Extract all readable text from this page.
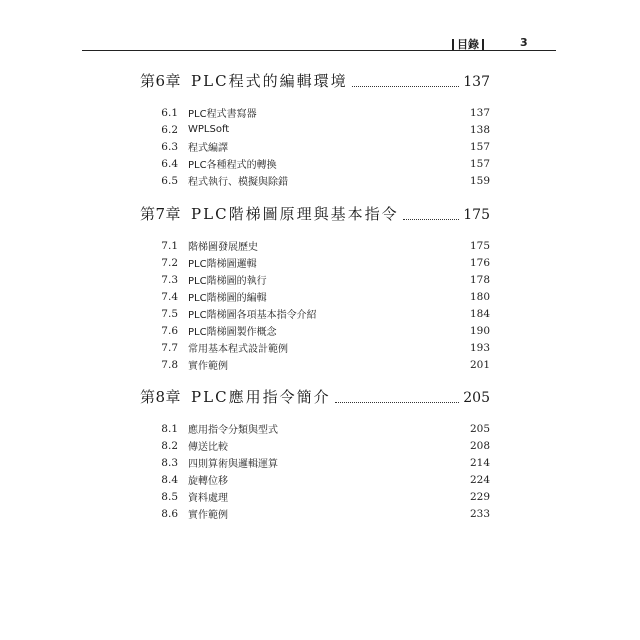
目錄	3
第6章 PLC程式的編輯環境	137
6.1 PLC程式書寫器	137
6.2 WPLSoft	138
6.3 程式編譯	157
6.4 PLC各種程式的轉換	157
6.5 程式執行、模擬與除錯	159
第7章 PLC階梯圖原理與基本指令	175
7.1 階梯圖發展歷史	175
7.2 PLC階梯圖邏輯	176
7.3 PLC階梯圖的執行	178
7.4 PLC階梯圖的編輯	180
7.5 PLC階梯圖各項基本指令介紹	184
7.6 PLC階梯圖製作概念	190
7.7 常用基本程式設計範例	193
7.8 實作範例	201
第8章 PLC應用指令簡介	205
8.1 應用指令分類與型式	205
8.2 傳送比較	208
8.3 四則算術與邏輯運算	214
8.4 旋轉位移	224
8.5 資料處理	229
8.6 實作範例	233
